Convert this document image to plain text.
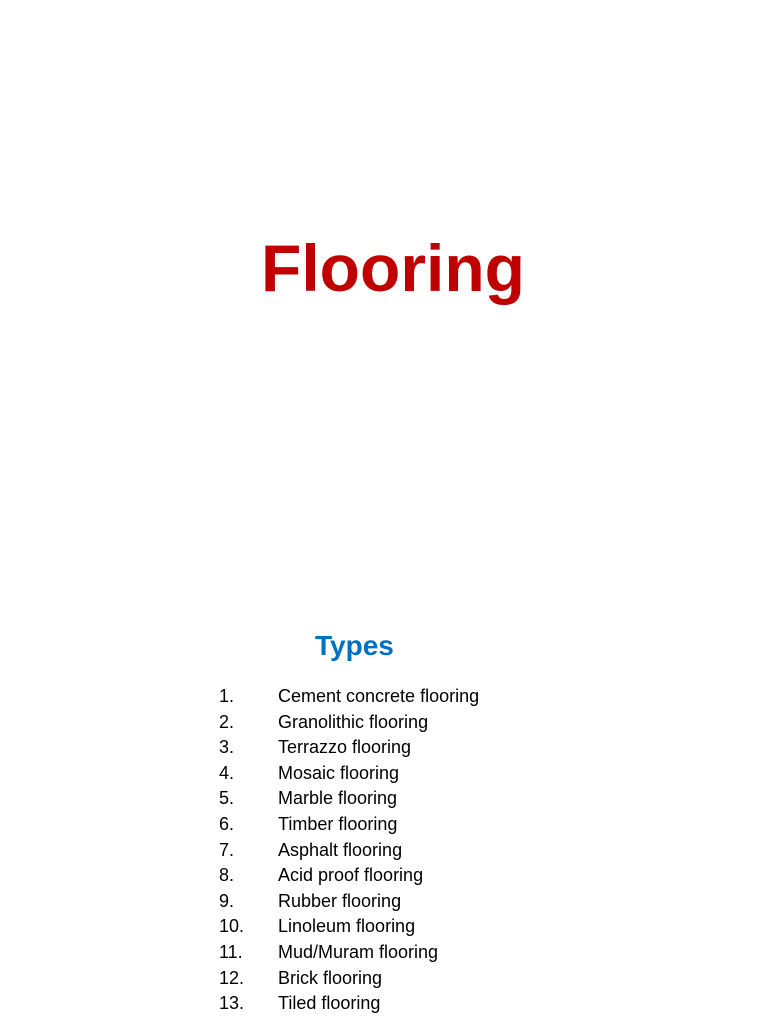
Flooring
Types
1.	Cement concrete flooring
2.	Granolithic flooring
3.	Terrazzo flooring
4.	Mosaic flooring
5.	Marble flooring
6.	Timber flooring
7.	Asphalt flooring
8.	Acid proof flooring
9.	Rubber flooring
10.	Linoleum flooring
11.	Mud/Muram flooring
12.	Brick flooring
13.	Tiled flooring
